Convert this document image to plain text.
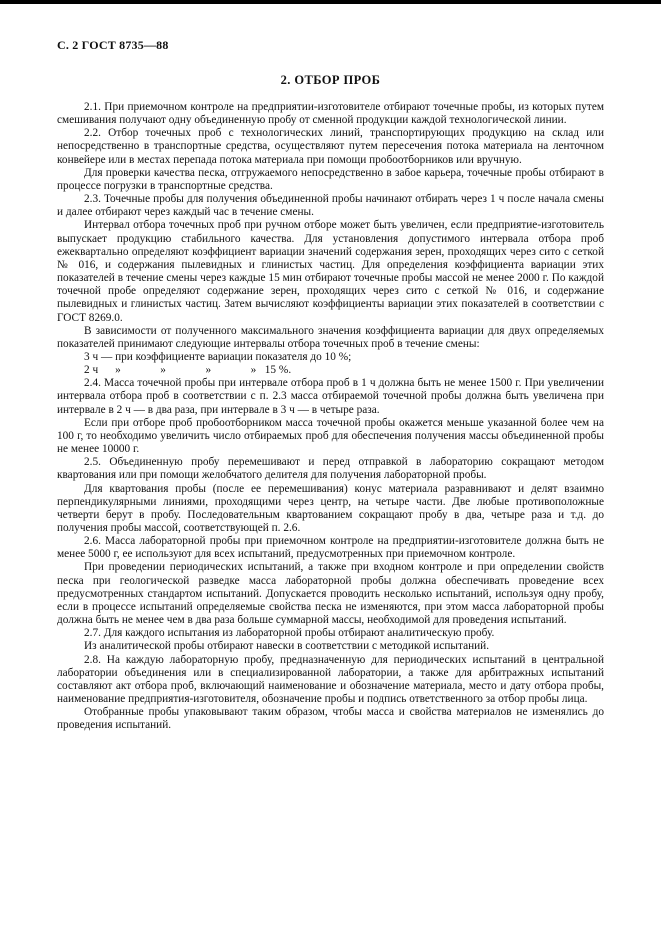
С. 2 ГОСТ 8735—88
2. ОТБОР ПРОБ

2.1. При приемочном контроле на предприятии-изготовителе отбирают точечные пробы, из которых путем смешивания получают одну объединенную пробу от сменной продукции каждой технологической линии.

2.2. Отбор точечных проб с технологических линий, транспортирующих продукцию на склад или непосредственно в транспортные средства, осуществляют путем пересечения потока материала на ленточном конвейере или в местах перепада потока материала при помощи пробоотборников или вручную.

Для проверки качества песка, отгружаемого непосредственно в забое карьера, точечные пробы отбирают в процессе погрузки в транспортные средства.

2.3. Точечные пробы для получения объединенной пробы начинают отбирать через 1 ч после начала смены и далее отбирают через каждый час в течение смены.

Интервал отбора точечных проб при ручном отборе может быть увеличен, если предприятие-изготовитель выпускает продукцию стабильного качества. Для установления допустимого интервала отбора проб ежеквартально определяют коэффициент вариации значений содержания зерен, проходящих через сито с сеткой № 016, и содержания пылевидных и глинистых частиц. Для определения коэффициента вариации этих показателей в течение смены через каждые 15 мин отбирают точечные пробы массой не менее 2000 г. По каждой точечной пробе определяют содержание зерен, проходящих через сито с сеткой № 016, и содержание пылевидных и глинистых частиц. Затем вычисляют коэффициенты вариации этих показателей в соответствии с ГОСТ 8269.0.

В зависимости от полученного максимального значения коэффициента вариации для двух определяемых показателей принимают следующие интервалы отбора точечных проб в течение смены:

3 ч — при коэффициенте вариации показателя до 10 %;

2 ч      »              »              »              »   15 %.

2.4. Масса точечной пробы при интервале отбора проб в 1 ч должна быть не менее 1500 г. При увеличении интервала отбора проб в соответствии с п. 2.3 масса отбираемой точечной пробы должна быть увеличена при интервале в 2 ч — в два раза, при интервале в 3 ч — в четыре раза.

Если при отборе проб пробоотборником масса точечной пробы окажется меньше указанной более чем на 100 г, то необходимо увеличить число отбираемых проб для обеспечения получения массы объединенной пробы не менее 10000 г.

2.5. Объединенную пробу перемешивают и перед отправкой в лабораторию сокращают методом квартования или при помощи желобчатого делителя для получения лабораторной пробы.

Для квартования пробы (после ее перемешивания) конус материала разравнивают и делят взаимно перпендикулярными линиями, проходящими через центр, на четыре части. Две любые противоположные четверти берут в пробу. Последовательным квартованием сокращают пробу в два, четыре раза и т.д. до получения пробы массой, соответствующей п. 2.6.

2.6. Масса лабораторной пробы при приемочном контроле на предприятии-изготовителе должна быть не менее 5000 г, ее используют для всех испытаний, предусмотренных при приемочном контроле.

При проведении периодических испытаний, а также при входном контроле и при определении свойств песка при геологической разведке масса лабораторной пробы должна обеспечивать проведение всех предусмотренных стандартом испытаний. Допускается проводить несколько испытаний, используя одну пробу, если в процессе испытаний определяемые свойства песка не изменяются, при этом масса лабораторной пробы должна быть не менее чем в два раза больше суммарной массы, необходимой для проведения испытаний.

2.7. Для каждого испытания из лабораторной пробы отбирают аналитическую пробу.

Из аналитической пробы отбирают навески в соответствии с методикой испытаний.

2.8. На каждую лабораторную пробу, предназначенную для периодических испытаний в центральной лаборатории объединения или в специализированной лаборатории, а также для арбитражных испытаний составляют акт отбора проб, включающий наименование и обозначение материала, место и дату отбора пробы, наименование предприятия-изготовителя, обозначение пробы и подпись ответственного за отбор пробы лица.

Отобранные пробы упаковывают таким образом, чтобы масса и свойства материалов не изменялись до проведения испытаний.
